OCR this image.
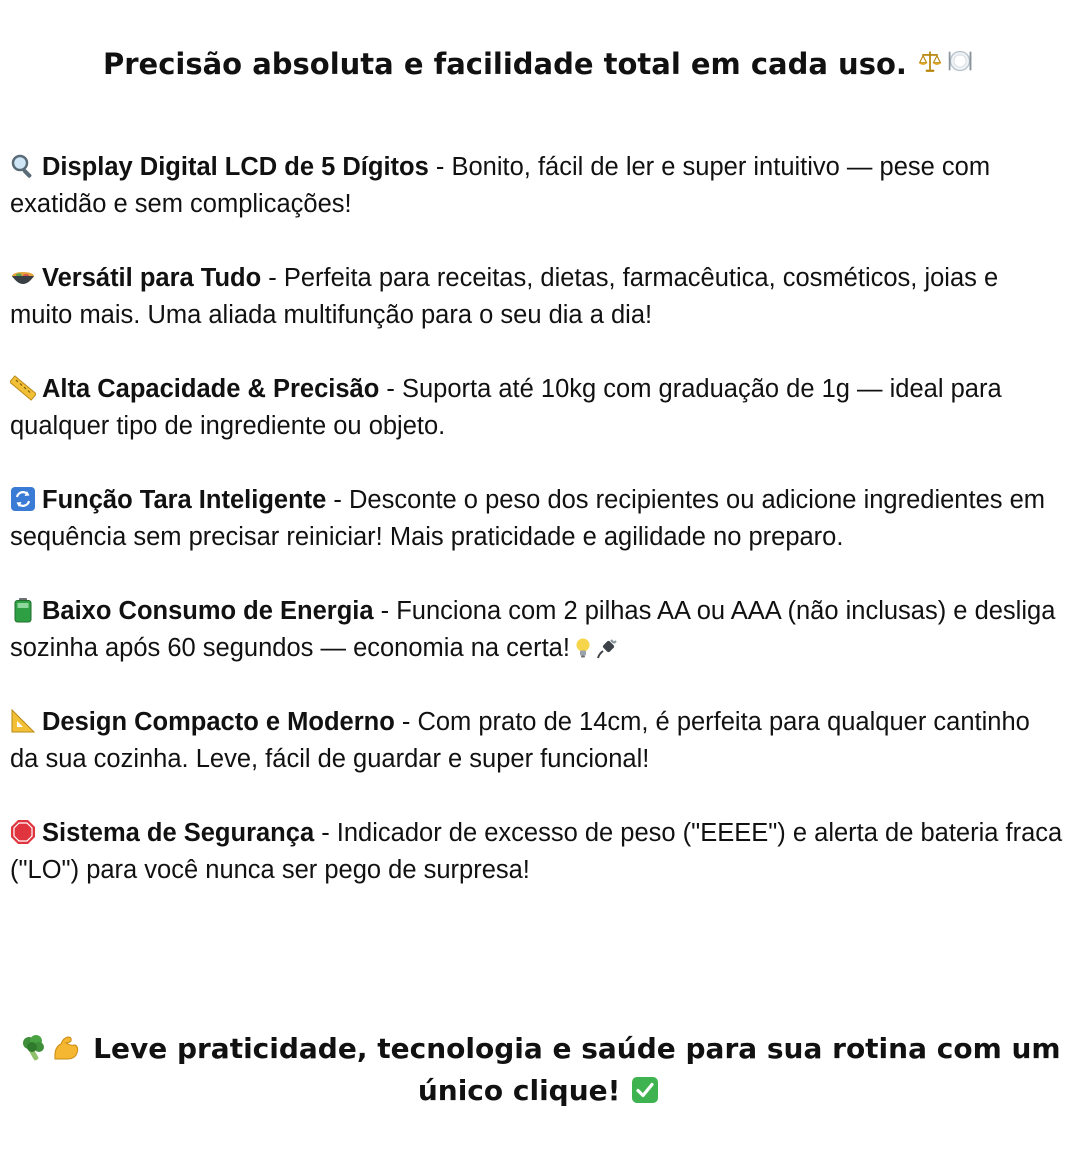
Precisão absoluta e facilidade total em cada uso.

Display Digital LCD de 5 Dígitos - Bonito, fácil de ler e super intuitivo — pese com exatidão e sem complicações!

Versátil para Tudo - Perfeita para receitas, dietas, farmacêutica, cosméticos, joias e muito mais. Uma aliada multifunção para o seu dia a dia!

Alta Capacidade & Precisão - Suporta até 10kg com graduação de 1g — ideal para qualquer tipo de ingrediente ou objeto.

Função Tara Inteligente - Desconte o peso dos recipientes ou adicione ingredientes em sequência sem precisar reiniciar! Mais praticidade e agilidade no preparo.

Baixo Consumo de Energia - Funciona com 2 pilhas AA ou AAA (não inclusas) e desliga sozinha após 60 segundos — economia na certa!

Design Compacto e Moderno - Com prato de 14cm, é perfeita para qualquer cantinho da sua cozinha. Leve, fácil de guardar e super funcional!

Sistema de Segurança - Indicador de excesso de peso ("EEEE") e alerta de bateria fraca ("LO") para você nunca ser pego de surpresa!

Leve praticidade, tecnologia e saúde para sua rotina com um único clique!
